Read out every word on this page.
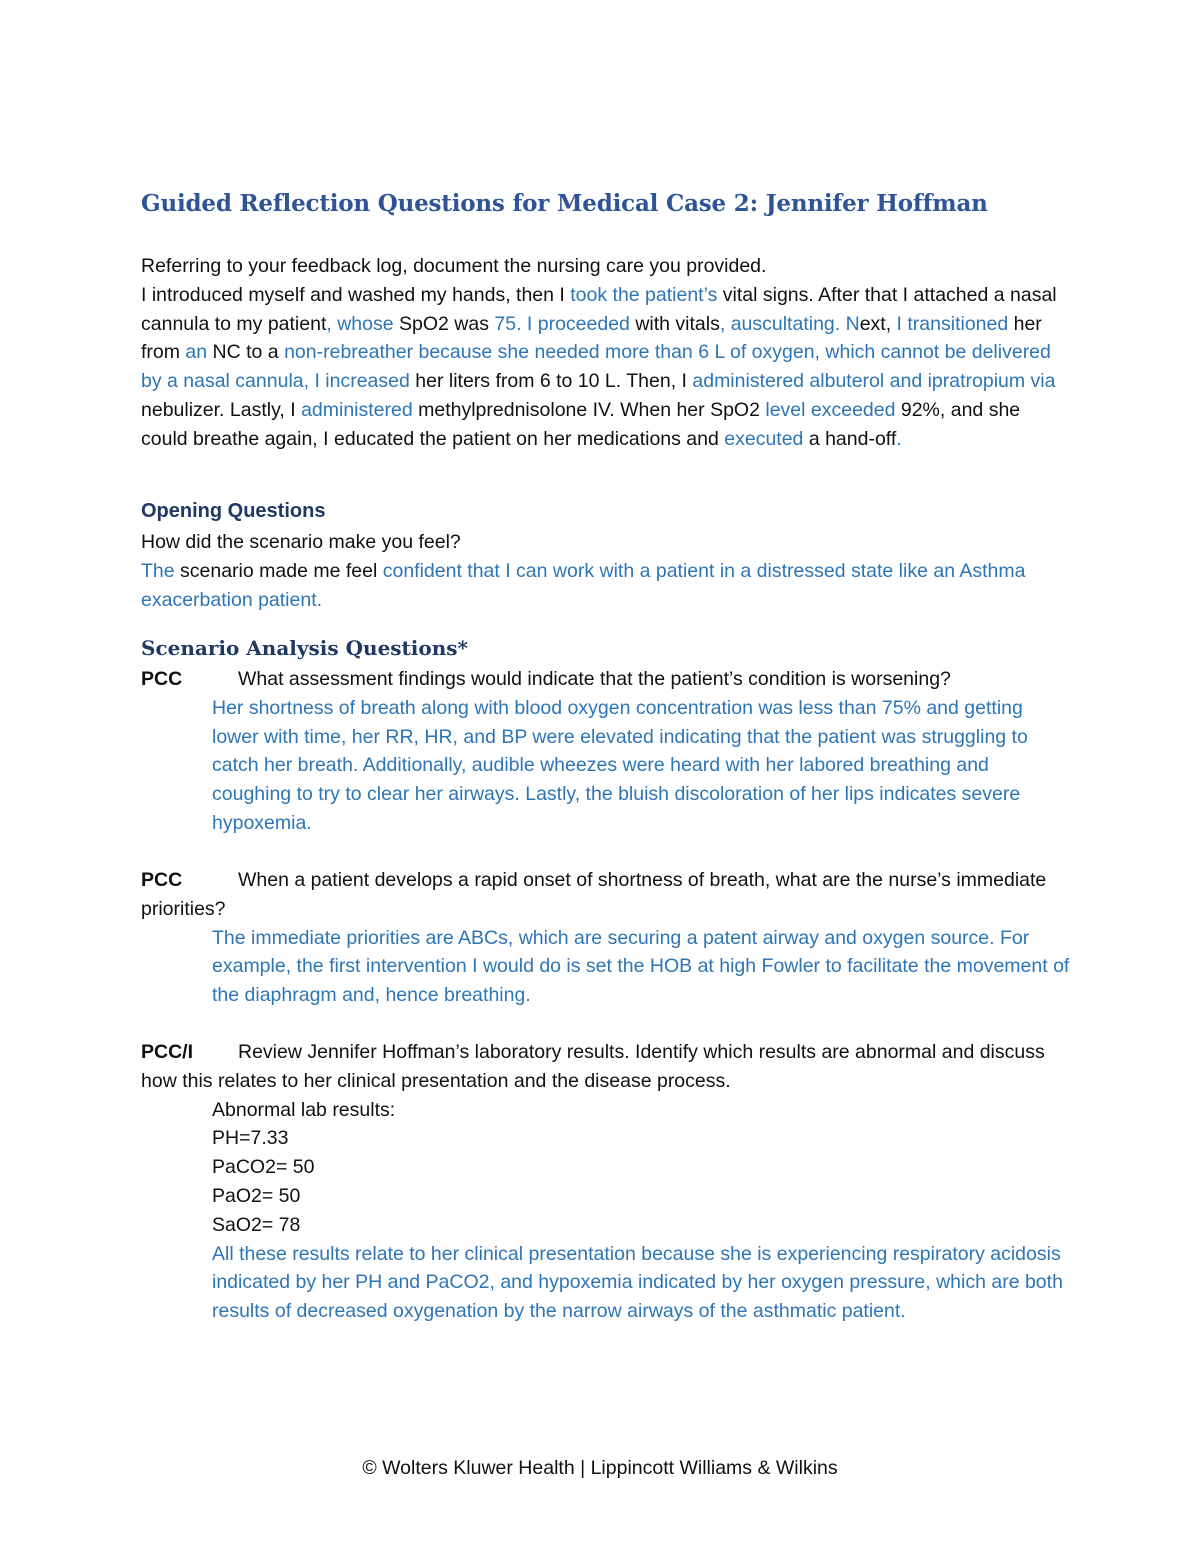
Guided Reflection Questions for Medical Case 2: Jennifer Hoffman
Referring to your feedback log, document the nursing care you provided.
I introduced myself and washed my hands, then I took the patient’s vital signs. After that I attached a nasal cannula to my patient, whose SpO2 was 75. I proceeded with vitals, auscultating. Next, I transitioned her from an NC to a non-rebreather because she needed more than 6 L of oxygen, which cannot be delivered by a nasal cannula, I increased her liters from 6 to 10 L. Then, I administered albuterol and ipratropium via nebulizer. Lastly, I administered methylprednisolone IV. When her SpO2 level exceeded 92%, and she could breathe again, I educated the patient on her medications and executed a hand-off.
Opening Questions
How did the scenario make you feel?
The scenario made me feel confident that I can work with a patient in a distressed state like an Asthma exacerbation patient.
Scenario Analysis Questions*
PCC	What assessment findings would indicate that the patient’s condition is worsening?
Her shortness of breath along with blood oxygen concentration was less than 75% and getting lower with time, her RR, HR, and BP were elevated indicating that the patient was struggling to catch her breath. Additionally, audible wheezes were heard with her labored breathing and coughing to try to clear her airways. Lastly, the bluish discoloration of her lips indicates severe hypoxemia.
PCC	When a patient develops a rapid onset of shortness of breath, what are the nurse’s immediate priorities?
The immediate priorities are ABCs, which are securing a patent airway and oxygen source. For example, the first intervention I would do is set the HOB at high Fowler to facilitate the movement of the diaphragm and, hence breathing.
PCC/I Review Jennifer Hoffman’s laboratory results. Identify which results are abnormal and discuss how this relates to her clinical presentation and the disease process.
Abnormal lab results:
PH=7.33
PaCO2= 50
PaO2= 50
SaO2= 78
All these results relate to her clinical presentation because she is experiencing respiratory acidosis indicated by her PH and PaCO2, and hypoxemia indicated by her oxygen pressure, which are both results of decreased oxygenation by the narrow airways of the asthmatic patient.
© Wolters Kluwer Health | Lippincott Williams & Wilkins
